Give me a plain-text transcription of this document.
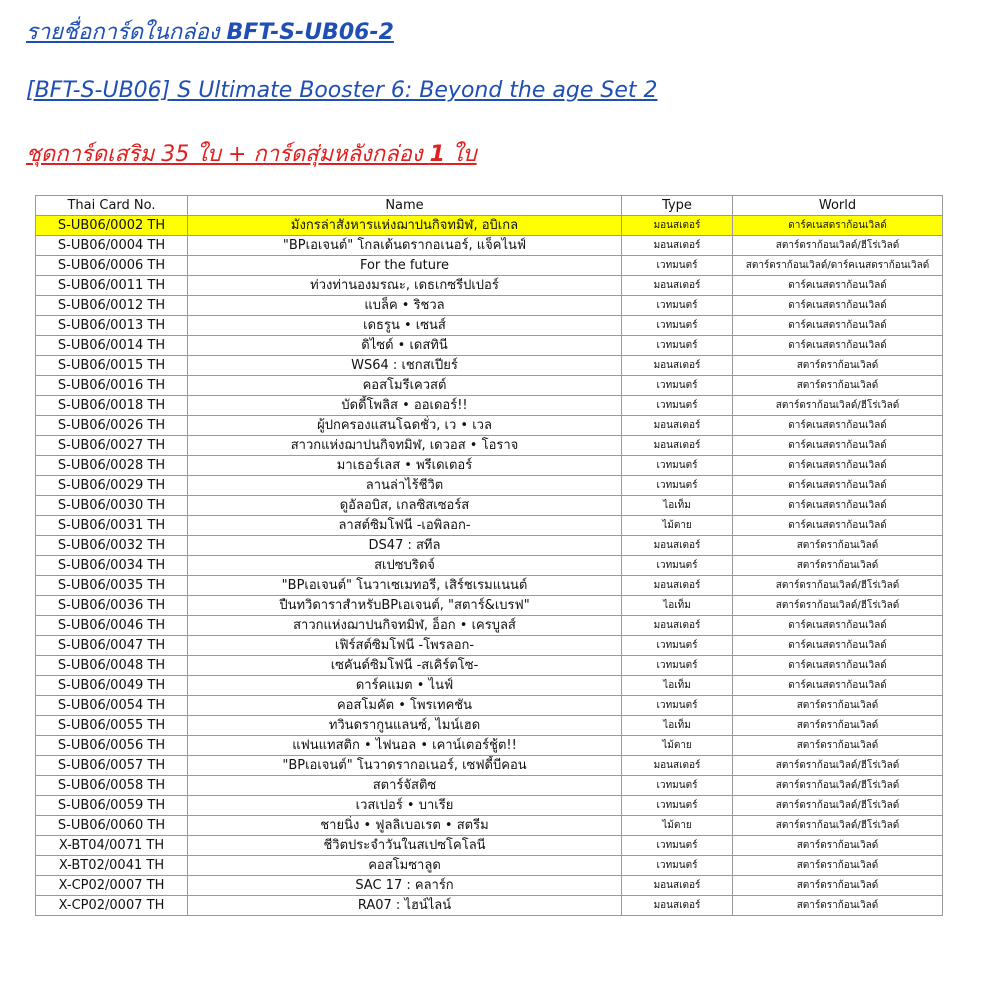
รายชื่อการ์ดในกล่อง BFT-S-UB06-2

[BFT-S-UB06] S Ultimate Booster 6: Beyond the age Set 2

ชุดการ์ดเสริม 35 ใบ + การ์ดสุ่มหลังกล่อง 1 ใบ

Thai Card No.	Name	Type	World
S-UB06/0002 TH	มังกรล่าสังหารแห่งฌาปนกิจทมิฬ, อบิเกล	มอนสเตอร์	ดาร์คเนสดราก้อนเวิลด์
S-UB06/0004 TH	"BPเอเจนต์" โกลเด้นดรากอเนอร์, แจ็คไนฟ์	มอนสเตอร์	สตาร์ดราก้อนเวิลด์/ฮีโร่เวิลด์
S-UB06/0006 TH	For the future	เวทมนตร์	สตาร์ดราก้อนเวิลด์/ดาร์คเนสดราก้อนเวิลด์
S-UB06/0011 TH	ท่วงท่านองมรณะ, เดธเกซรีปเปอร์	มอนสเตอร์	ดาร์คเนสดราก้อนเวิลด์
S-UB06/0012 TH	แบล็ค • ริชวล	เวทมนตร์	ดาร์คเนสดราก้อนเวิลด์
S-UB06/0013 TH	เดธรูน • เซนส์	เวทมนตร์	ดาร์คเนสดราก้อนเวิลด์
S-UB06/0014 TH	ดิไซด์ • เดสทินี	เวทมนตร์	ดาร์คเนสดราก้อนเวิลด์
S-UB06/0015 TH	WS64 : เชกสเปียร์	มอนสเตอร์	สตาร์ดราก้อนเวิลด์
S-UB06/0016 TH	คอสโมรีเควสต์	เวทมนตร์	สตาร์ดราก้อนเวิลด์
S-UB06/0018 TH	บัดดี้โพลิส • ออเดอร์!!	เวทมนตร์	สตาร์ดราก้อนเวิลด์/ฮีโร่เวิลด์
S-UB06/0026 TH	ผู้ปกครองแสนโฉดชั่ว, เว • เวล	มอนสเตอร์	ดาร์คเนสดราก้อนเวิลด์
S-UB06/0027 TH	สาวกแห่งฌาปนกิจทมิฬ, เดวอส • โอราจ	มอนสเตอร์	ดาร์คเนสดราก้อนเวิลด์
S-UB06/0028 TH	มาเธอร์เลส • พรีเดเตอร์	เวทมนตร์	ดาร์คเนสดราก้อนเวิลด์
S-UB06/0029 TH	ลานล่าไร้ชีวิต	เวทมนตร์	ดาร์คเนสดราก้อนเวิลด์
S-UB06/0030 TH	ดูอัลอบิส, เกลซิสเซอร์ส	ไอเท็ม	ดาร์คเนสดราก้อนเวิลด์
S-UB06/0031 TH	ลาสต์ซิมโฟนี -เอพิลอก-	ไม้ตาย	ดาร์คเนสดราก้อนเวิลด์
S-UB06/0032 TH	DS47 : สทีล	มอนสเตอร์	สตาร์ดราก้อนเวิลด์
S-UB06/0034 TH	สเปซบริดจ์	เวทมนตร์	สตาร์ดราก้อนเวิลด์
S-UB06/0035 TH	"BPเอเจนต์" โนวาเซเมทอรี, เสิร์ชเรมแนนต์	มอนสเตอร์	สตาร์ดราก้อนเวิลด์/ฮีโร่เวิลด์
S-UB06/0036 TH	ปืนทวิดาราสำหรับBPเอเจนต์, "สตาร์&เบรฟ"	ไอเท็ม	สตาร์ดราก้อนเวิลด์/ฮีโร่เวิลด์
S-UB06/0046 TH	สาวกแห่งฌาปนกิจทมิฬ, อ็อก • เครบูลส์	มอนสเตอร์	ดาร์คเนสดราก้อนเวิลด์
S-UB06/0047 TH	เฟิร์สต์ซิมโฟนี -โพรลอก-	เวทมนตร์	ดาร์คเนสดราก้อนเวิลด์
S-UB06/0048 TH	เซคันด์ซิมโฟนี -สเคิร์ตโซ-	เวทมนตร์	ดาร์คเนสดราก้อนเวิลด์
S-UB06/0049 TH	ดาร์คแมต • ไนฟ์	ไอเท็ม	ดาร์คเนสดราก้อนเวิลด์
S-UB06/0054 TH	คอสโมคัต • โพรเทคชัน	เวทมนตร์	สตาร์ดราก้อนเวิลด์
S-UB06/0055 TH	ทวินดรากูนแลนซ์, ไมน์เฮด	ไอเท็ม	สตาร์ดราก้อนเวิลด์
S-UB06/0056 TH	แฟนแทสติก • ไฟนอล • เคาน์เตอร์ชู้ต!!	ไม้ตาย	สตาร์ดราก้อนเวิลด์
S-UB06/0057 TH	"BPเอเจนต์" โนวาดรากอเนอร์, เซฟดี้บีคอน	มอนสเตอร์	สตาร์ดราก้อนเวิลด์/ฮีโร่เวิลด์
S-UB06/0058 TH	สตาร์จัสติซ	เวทมนตร์	สตาร์ดราก้อนเวิลด์/ฮีโร่เวิลด์
S-UB06/0059 TH	เวสเปอร์ • บาเรีย	เวทมนตร์	สตาร์ดราก้อนเวิลด์/ฮีโร่เวิลด์
S-UB06/0060 TH	ชายนิ่ง • ฟูลลิเบอเรต • สตรีม	ไม้ตาย	สตาร์ดราก้อนเวิลด์/ฮีโร่เวิลด์
X-BT04/0071 TH	ชีวิตประจำวันในสเปซโคโลนี	เวทมนตร์	สตาร์ดราก้อนเวิลด์
X-BT02/0041 TH	คอสโมซาลูด	เวทมนตร์	สตาร์ดราก้อนเวิลด์
X-CP02/0007 TH	SAC 17 : คลาร์ก	มอนสเตอร์	สตาร์ดราก้อนเวิลด์
X-CP02/0007 TH	RA07 : ไฮน์ไลน์	มอนสเตอร์	สตาร์ดราก้อนเวิลด์
